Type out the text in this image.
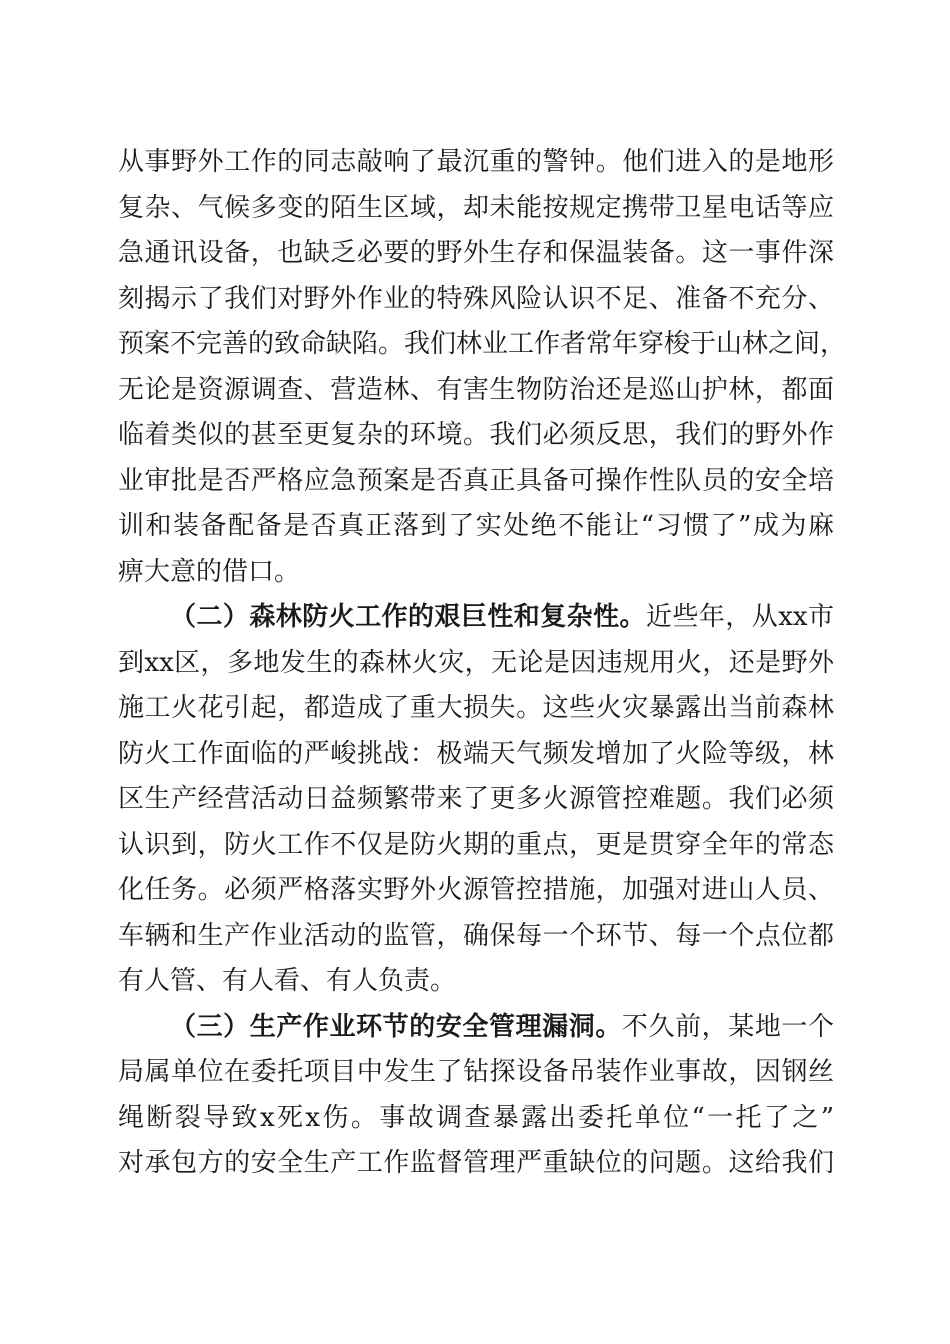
从事野外工作的同志敲响了最沉重的警钟。他们进入的是地形
复杂、气候多变的陌生区域，却未能按规定携带卫星电话等应
急通讯设备，也缺乏必要的野外生存和保温装备。这一事件深
刻揭示了我们对野外作业的特殊风险认识不足、准备不充分、
预案不完善的致命缺陷。我们林业工作者常年穿梭于山林之间，
无论是资源调查、营造林、有害生物防治还是巡山护林，都面
临着类似的甚至更复杂的环境。我们必须反思，我们的野外作
业审批是否严格应急预案是否真正具备可操作性队员的安全培
训和装备配备是否真正落到了实处绝不能让“习惯了”成为麻
痹大意的借口。
（二）森林防火工作的艰巨性和复杂性。近些年，从xx市
到xx区，多地发生的森林火灾，无论是因违规用火，还是野外
施工火花引起，都造成了重大损失。这些火灾暴露出当前森林
防火工作面临的严峻挑战：极端天气频发增加了火险等级，林
区生产经营活动日益频繁带来了更多火源管控难题。我们必须
认识到，防火工作不仅是防火期的重点，更是贯穿全年的常态
化任务。必须严格落实野外火源管控措施，加强对进山人员、
车辆和生产作业活动的监管，确保每一个环节、每一个点位都
有人管、有人看、有人负责。
（三）生产作业环节的安全管理漏洞。不久前，某地一个
局属单位在委托项目中发生了钻探设备吊装作业事故，因钢丝
绳断裂导致x死x伤。事故调查暴露出委托单位“一托了之”
对承包方的安全生产工作监督管理严重缺位的问题。这给我们
